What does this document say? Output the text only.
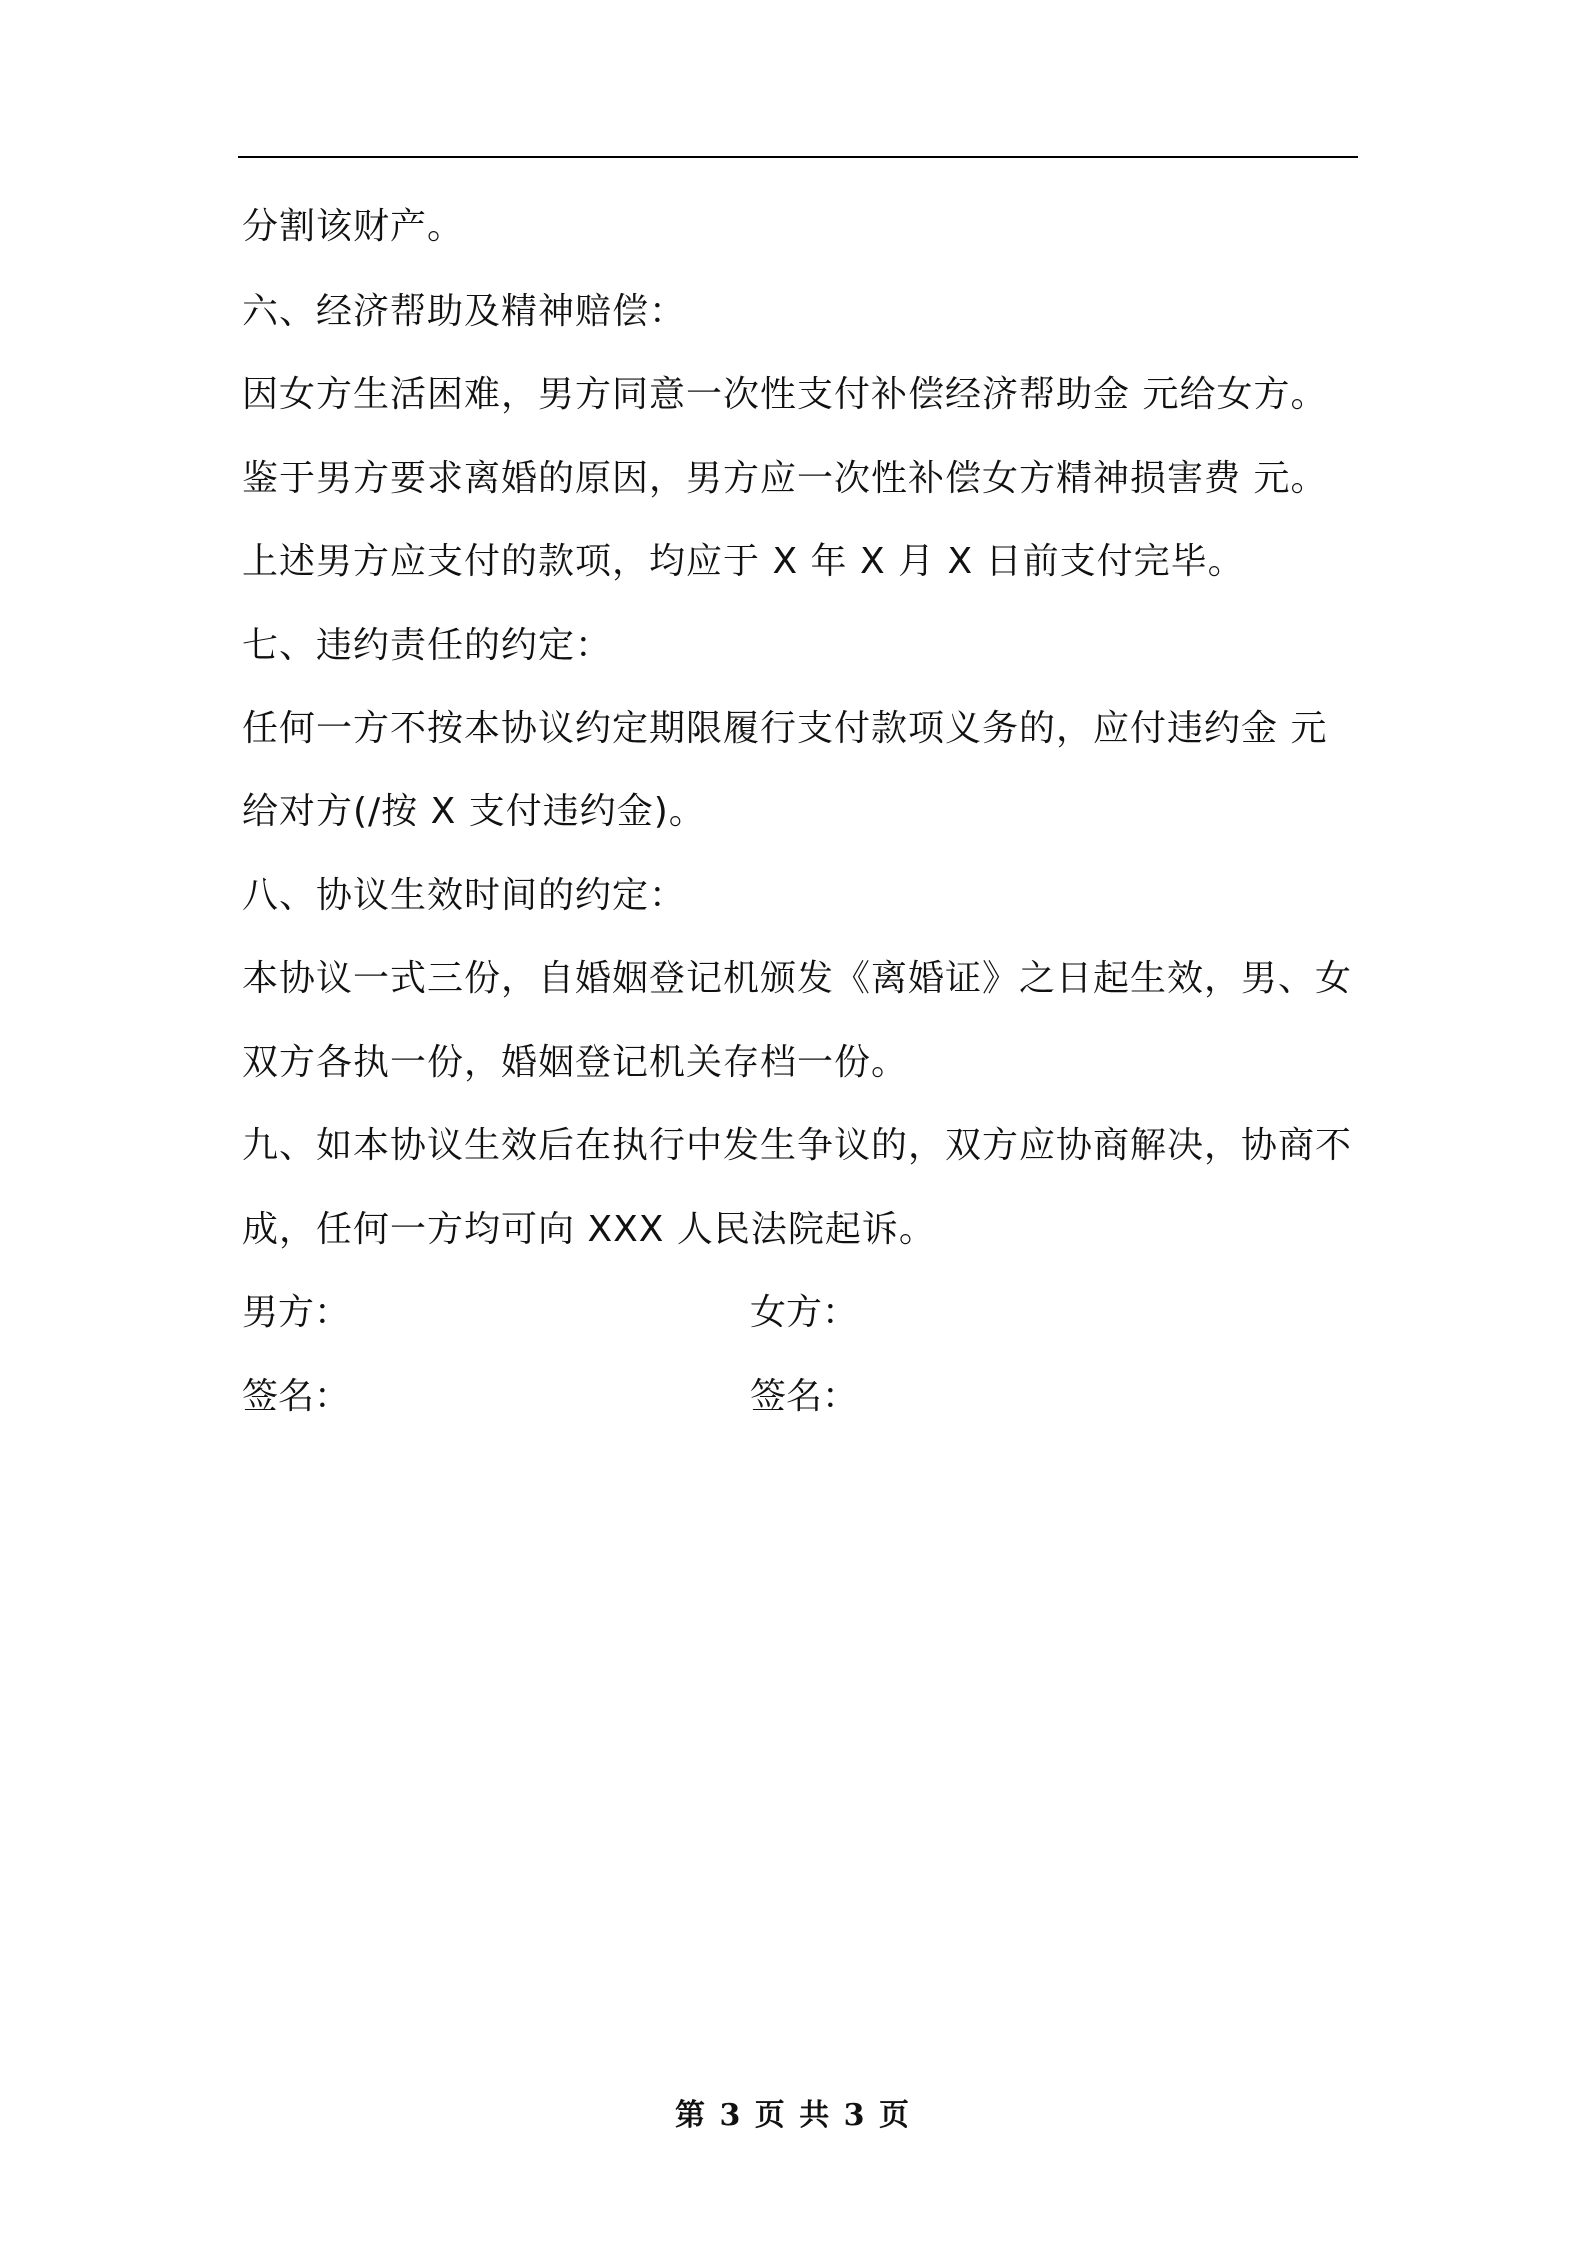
分割该财产。
六、经济帮助及精神赔偿：
因女方生活困难，男方同意一次性支付补偿经济帮助金 元给女方。
鉴于男方要求离婚的原因，男方应一次性补偿女方精神损害费 元。
上述男方应支付的款项，均应于 X 年 X 月 X 日前支付完毕。
七、违约责任的约定：
任何一方不按本协议约定期限履行支付款项义务的，应付违约金 元
给对方(/按 X 支付违约金)。
八、协议生效时间的约定：
本协议一式三份，自婚姻登记机颁发《离婚证》之日起生效，男、女
双方各执一份，婚姻登记机关存档一份。
九、如本协议生效后在执行中发生争议的，双方应协商解决，协商不
成，任何一方均可向 XXX 人民法院起诉。
男方：	女方：
签名：	签名：
第 3 页 共 3 页
